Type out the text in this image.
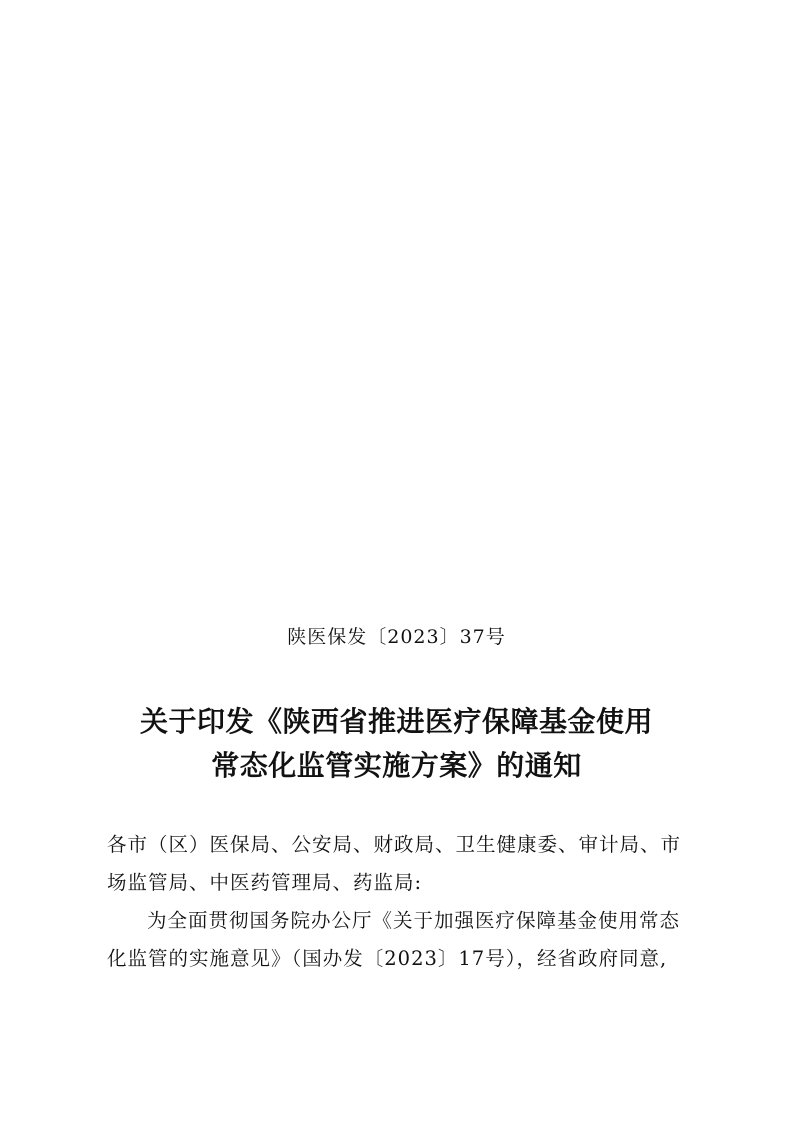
陕医保发〔2023〕37号
关于印发《陕西省推进医疗保障基金使用
常态化监管实施方案》的通知
各市（区）医保局、公安局、财政局、卫生健康委、审计局、市
场监管局、中医药管理局、药监局:
为全面贯彻国务院办公厅《关于加强医疗保障基金使用常态
化监管的实施意见》（国办发〔2023〕17号），经省政府同意,
